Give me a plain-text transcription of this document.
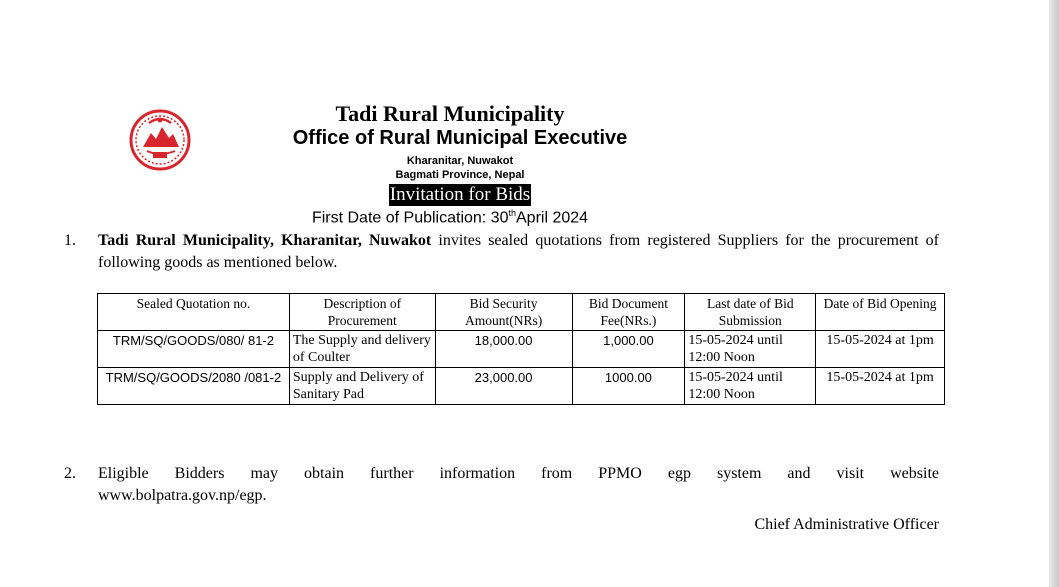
Tadi Rural Municipality
Office of Rural Municipal Executive
Kharanitar, Nuwakot
Bagmati Province, Nepal
Invitation for Bids
First Date of Publication: 30thApril 2024
1. Tadi Rural Municipality, Kharanitar, Nuwakot invites sealed quotations from registered Suppliers for the procurement of following goods as mentioned below.
Sealed Quotation no.	Description of Procurement	Bid Security Amount(NRs)	Bid Document Fee(NRs.)	Last date of Bid Submission	Date of Bid Opening
TRM/SQ/GOODS/080/ 81-2	The Supply and delivery of Coulter	18,000.00	1,000.00	15-05-2024 until 12:00 Noon	15-05-2024 at 1pm
TRM/SQ/GOODS/2080 /081-2	Supply and Delivery of Sanitary Pad	23,000.00	1000.00	15-05-2024 until 12:00 Noon	15-05-2024 at 1pm
2. Eligible Bidders may obtain further information from PPMO egp system and visit website
www.bolpatra.gov.np/egp.
Chief Administrative Officer
